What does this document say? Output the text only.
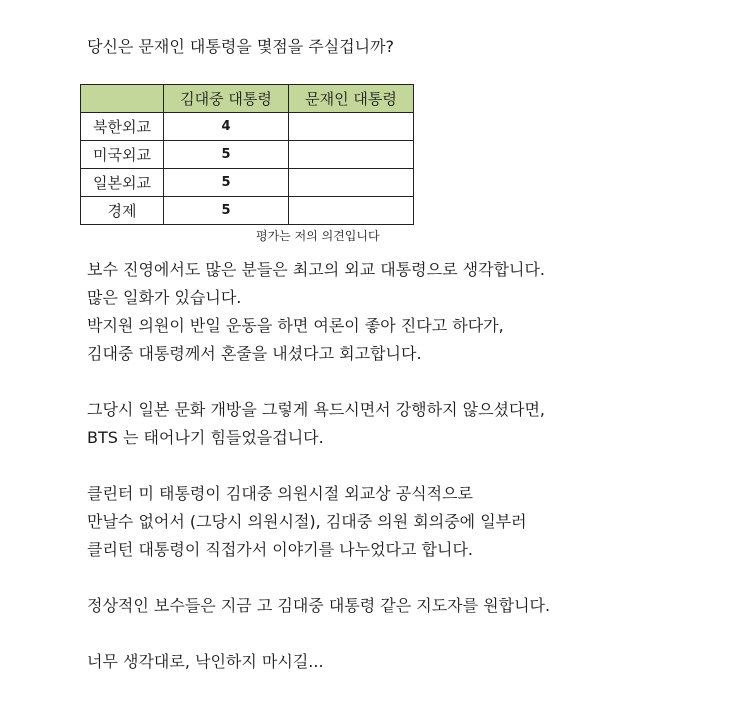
당신은 문재인 대통령을 몇점을 주실겁니까?
	김대중 대통령	문재인 대통령
북한외교	4	
미국외교	5	
일본외교	5	
경제	5	
평가는 저의 의견입니다

보수 진영에서도 많은 분들은 최고의 외교 대통령으로 생각합니다.
많은 일화가 있습니다.
박지원 의원이 반일 운동을 하면 여론이 좋아 진다고 하다가,
김대중 대통령께서 혼줄을 내셨다고 회고합니다.

그당시 일본 문화 개방을 그렇게 욕드시면서 강행하지 않으셨다면,
BTS 는 태어나기 힘들었을겁니다.

클린터 미 태통령이 김대중 의원시절 외교상 공식적으로
만날수 없어서 (그당시 의원시절), 김대중 의원 회의중에 일부러
클리턴 대통령이 직접가서 이야기를 나누었다고 합니다.

정상적인 보수들은 지금 고 김대중 대통령 같은 지도자를 원합니다.

너무 생각대로, 낙인하지 마시길...
